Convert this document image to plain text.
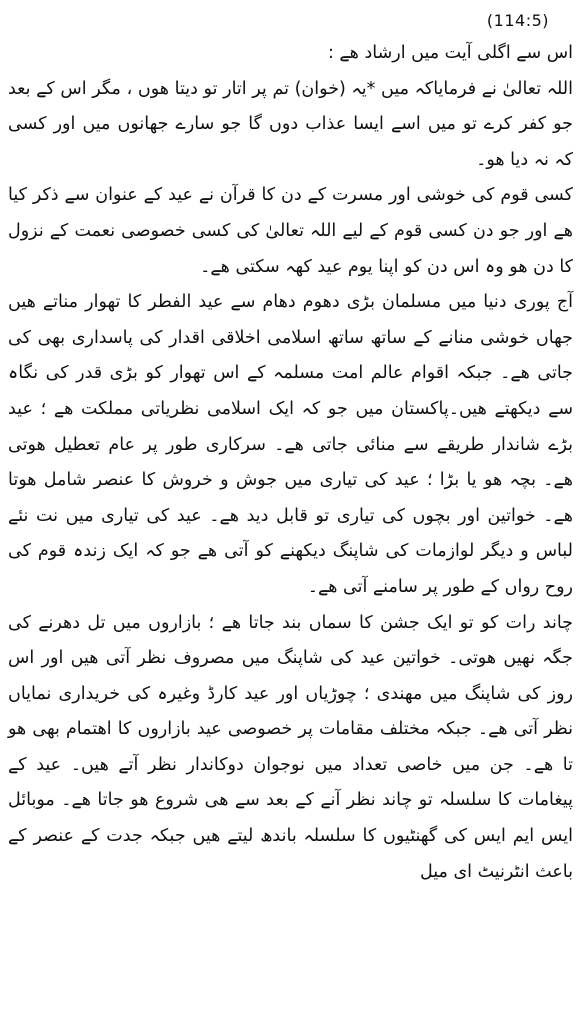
(114:5)

اس سے اگلی آیت میں ارشاد ھے :

اللہ تعالیٰ نے فرمایاکہ میں *یہ (خوان) تم پر اتار تو دیتا ھوں ، مگر اس کے بعد جو کفر کرے تو میں اسے ایسا عذاب دوں گا جو سارے جھانوں میں اور کسی کہ نہ دیا ھو۔

کسی قوم کی خوشی اور مسرت کے دن کا قرآن نے عید کے عنوان سے ذکر کیا ھے اور جو دن کسی قوم کے لیے اللہ تعالیٰ کی کسی خصوصی نعمت کے نزول کا دن ھو وہ اس دن کو اپنا یوم عید کھہ سکتی ھے۔

آج پوری دنیا میں مسلمان بڑی دھوم دھام سے عید الفطر کا تھوار مناتے ھیں جھاں خوشی منانے کے ساتھ ساتھ اسلامی اخلاقی اقدار کی پاسداری بھی کی جاتی ھے۔ جبکہ اقوام عالم امت مسلمہ کے اس تھوار کو بڑی قدر کی نگاہ سے دیکھتے ھیں۔پاکستان میں جو کہ ایک اسلامی نظریاتی مملکت ھے ؛ عید بڑے شاندار طریقے سے منائی جاتی ھے۔ سرکاری طور پر عام تعطیل ھوتی ھے۔ بچہ ھو یا بڑا ؛ عید کی تیاری میں جوش و خروش کا عنصر شامل ھوتا ھے۔ خواتین اور بچوں کی تیاری تو قابل دید ھے۔ عید کی تیاری میں نت نئے لباس و دیگر لوازمات کی شاپنگ دیکھنے کو آتی ھے جو کہ ایک زندہ قوم کی روح رواں کے طور پر سامنے آتی ھے۔

چاند رات کو تو ایک جشن کا سماں بند جاتا ھے ؛ بازاروں میں تل دھرنے کی جگہ نھیں ھوتی۔ خواتین عید کی شاپنگ میں مصروف نظر آتی ھیں اور اس روز کی شاپنگ میں مھندی ؛ چوڑیاں اور عید کارڈ وغیرہ کی خریداری نمایاں نظر آتی ھے۔ جبکہ مختلف مقامات پر خصوصی عید بازاروں کا اھتمام بھی ھو تا ھے۔ جن میں خاصی تعداد میں نوجوان دوکاندار نظر آتے ھیں۔ عید کے پیغامات کا سلسلہ تو چاند نظر آنے کے بعد سے ھی شروع ھو جاتا ھے۔ موبائل ایس ایم ایس کی گھنٹیوں کا سلسلہ باندھ لیتے ھیں جبکہ جدت کے عنصر کے باعث انٹرنیٹ ای میل
